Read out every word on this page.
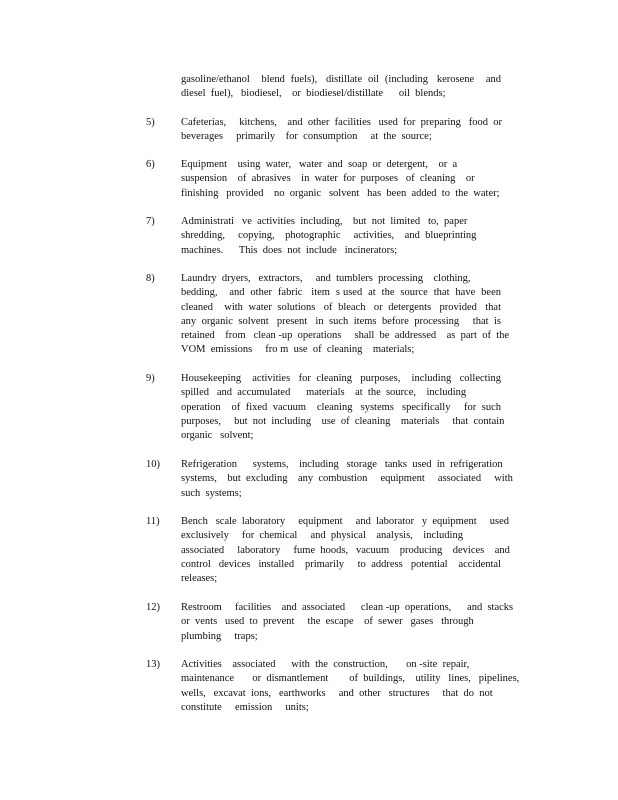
gasoline/ethanol    blend  fuels),   distillate  oil  (including   kerosene    and
diesel  fuel),   biodiesel,    or  biodiesel/distillate      oil  blends;
5)	Cafeterias,     kitchens,    and  other  facilities   used  for  preparing   food  or
beverages     primarily    for  consumption     at  the  source;
6)	Equipment    using  water,   water  and  soap  or  detergent,    or  a
suspension    of  abrasives    in  water  for  purposes   of  cleaning    or
finishing   provided    no  organic   solvent   has  been  added  to  the  water;
7)	Administrati   ve  activities  including,    but  not  limited   to,  paper
shredding,     copying,    photographic     activities,    and  blueprinting
machines.      This  does  not  include   incinerators;
8)	Laundry  dryers,   extractors,     and  tumblers  processing    clothing,
bedding,    and  other  fabric   item  s used  at  the  source  that  have  been
cleaned    with  water  solutions   of  bleach   or  detergents   provided   that
any  organic  solvent   present   in  such  items  before  processing     that  is
retained    from   clean -up  operations     shall  be  addressed    as  part  of  the
VOM  emissions     fro m  use  of  cleaning    materials;
9)	Housekeeping    activities   for  cleaning   purposes,    including   collecting
spilled   and  accumulated      materials    at  the  source,    including
operation    of  fixed  vacuum    cleaning   systems   specifically     for  such
purposes,     but  not  including    use  of  cleaning    materials     that  contain
organic   solvent;
10) Refrigeration      systems,    including   storage   tanks  used  in  refrigeration
systems,    but  excluding    any  combustion     equipment     associated     with
such  systems;
11) Bench   scale  laboratory     equipment     and  laborator   y  equipment     used
exclusively     for  chemical     and  physical    analysis,    including
associated     laboratory     fume  hoods,   vacuum    producing    devices    and
control   devices   installed    primarily     to  address   potential    accidental
releases;
12) Restroom     facilities    and  associated      clean -up  operations,      and  stacks
or  vents   used  to  prevent     the  escape    of  sewer   gases   through
plumbing     traps;
13) Activities    associated      with  the  construction,       on -site  repair,
maintenance       or  dismantlement        of  buildings,    utility   lines,   pipelines,
wells,   excavat  ions,   earthworks     and  other   structures     that  do  not
constitute     emission     units;
